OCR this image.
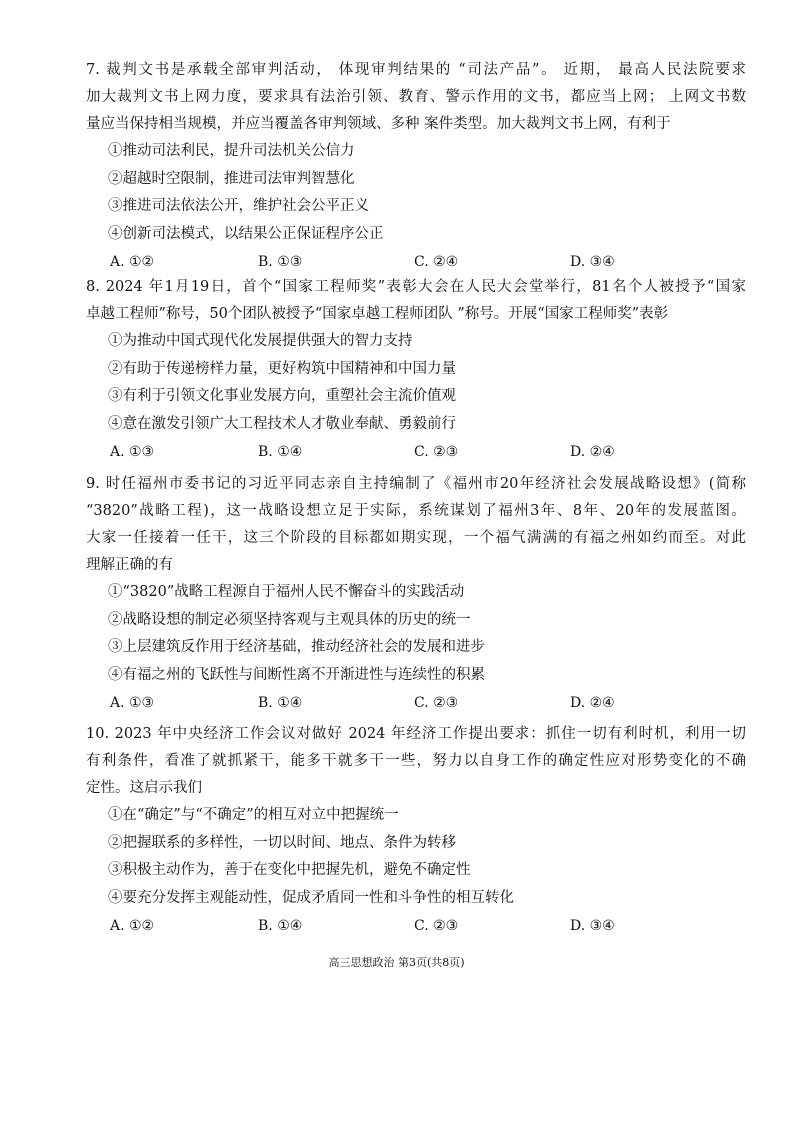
7. 裁判文书是承载全部审判活动， 体现审判结果的 “司法产品”。 近期， 最高人民法院要求
加大裁判文书上网力度，要求具有法治引领、教育、警示作用的文书，都应当上网； 上网文书数
量应当保持相当规模，并应当覆盖各审判领域、多种 案件类型。加大裁判文书上网，有利于
①推动司法利民，提升司法机关公信力
②超越时空限制，推进司法审判智慧化
③推进司法依法公开，维护社会公平正义
④创新司法模式，以结果公正保证程序公正
A. ①②	B. ①③	C. ②④	D. ③④
8. 2024 年1月19日，首个“国家工程师奖”表彰大会在人民大会堂举行，81名个人被授予“国家
卓越工程师”称号，50个团队被授予“国家卓越工程师团队 ”称号。开展“国家工程师奖”表彰
①为推动中国式现代化发展提供强大的智力支持
②有助于传递榜样力量，更好构筑中国精神和中国力量
③有利于引领文化事业发展方向，重塑社会主流价值观
④意在激发引领广大工程技术人才敬业奉献、勇毅前行
A. ①③	B. ①④	C. ②③	D. ②④
9. 时任福州市委书记的习近平同志亲自主持编制了《福州市20年经济社会发展战略设想》(简称
“3820”战略工程)，这一战略设想立足于实际，系统谋划了福州3年、8年、20年的发展蓝图。
大家一任接着一任干，这三个阶段的目标都如期实现，一个福气满满的有福之州如约而至。对此
理解正确的有
①“3820”战略工程源自于福州人民不懈奋斗的实践活动
②战略设想的制定必须坚持客观与主观具体的历史的统一
③上层建筑反作用于经济基础，推动经济社会的发展和进步
④有福之州的飞跃性与间断性离不开渐进性与连续性的积累
A. ①③	B. ①④	C. ②③	D. ②④
10. 2023 年中央经济工作会议对做好 2024 年经济工作提出要求：抓住一切有利时机，利用一切
有利条件，看准了就抓紧干，能多干就多干一些，努力以自身工作的确定性应对形势变化的不确
定性。这启示我们
①在“确定”与“不确定”的相互对立中把握统一
②把握联系的多样性，一切以时间、地点、条件为转移
③积极主动作为，善于在变化中把握先机，避免不确定性
④要充分发挥主观能动性，促成矛盾同一性和斗争性的相互转化
A. ①②	B. ①④	C. ②③	D. ③④
高三思想政治 第3页(共8页)
